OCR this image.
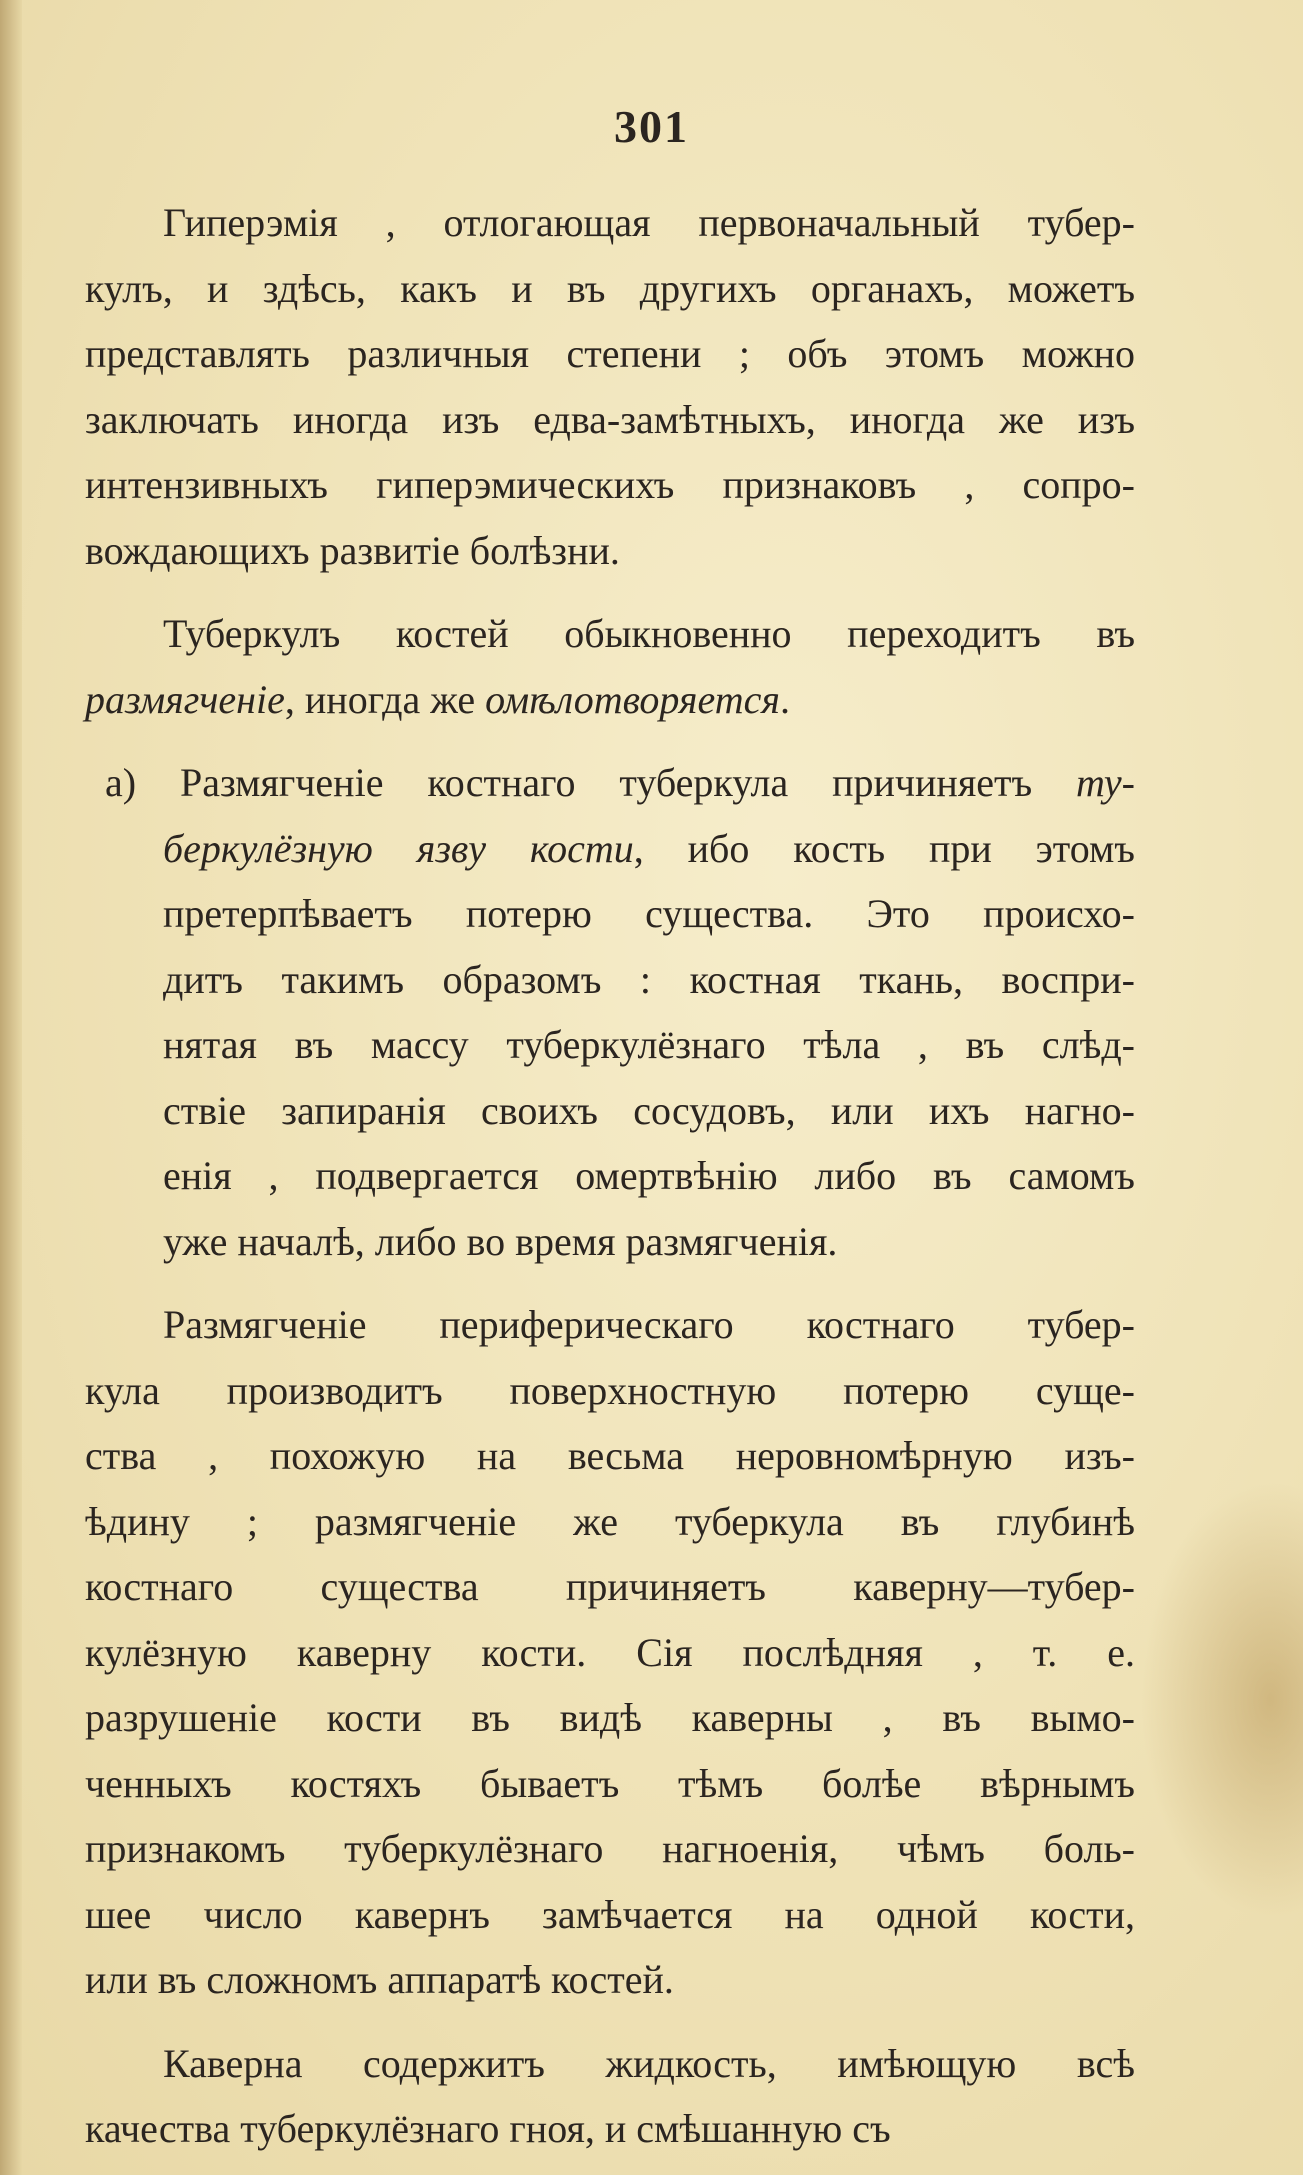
301
Гиперэмія , отлогающая первоначальный тубер-
кулъ, и здѣсь, какъ и въ другихъ органахъ, можетъ
представлять различныя степени ; объ этомъ можно
заключать иногда изъ едва-замѣтныхъ, иногда же изъ
интензивныхъ гиперэмическихъ признаковъ , сопро-
вождающихъ развитіе болѣзни.
Туберкулъ костей обыкновенно переходитъ въ
размягченіе, иногда же омѣлотворяется.
а) Размягченіе костнаго туберкула причиняетъ ту-
беркулёзную язву кости, ибо кость при этомъ
претерпѣваетъ потерю существа. Это происхо-
дитъ такимъ образомъ : костная ткань, воспри-
нятая въ массу туберкулёзнаго тѣла , въ слѣд-
ствіе запиранія своихъ сосудовъ, или ихъ нагно-
енія , подвергается омертвѣнію либо въ самомъ
уже началѣ, либо во время размягченія.
Размягченіе периферическаго костнаго тубер-
кула производитъ поверхностную потерю суще-
ства , похожую на весьма неровномѣрную изъ-
ѣдину ; размягченіе же туберкула въ глубинѣ
костнаго существа причиняетъ каверну—тубер-
кулёзную каверну кости. Сія послѣдняя , т. е.
разрушеніе кости въ видѣ каверны , въ вымо-
ченныхъ костяхъ бываетъ тѣмъ болѣе вѣрнымъ
признакомъ туберкулёзнаго нагноенія, чѣмъ боль-
шее число кавернъ замѣчается на одной кости,
или въ сложномъ аппаратѣ костей.
Каверна содержитъ жидкость, имѣющую всѣ
качества туберкулёзнаго гноя, и смѣшанную съ
